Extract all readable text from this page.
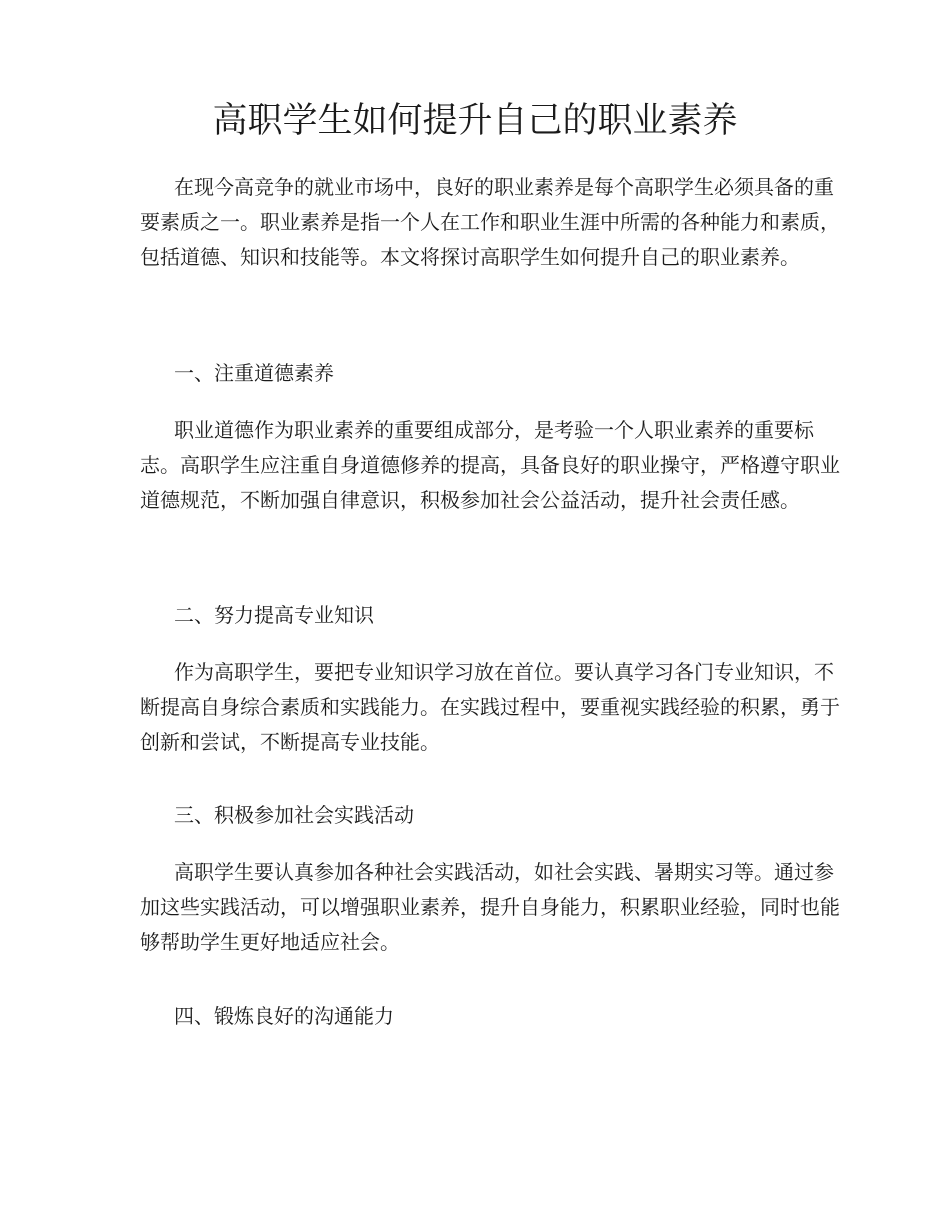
高职学生如何提升自己的职业素养

在现今高竞争的就业市场中，良好的职业素养是每个高职学生必须具备的重要素质之一。职业素养是指一个人在工作和职业生涯中所需的各种能力和素质，包括道德、知识和技能等。本文将探讨高职学生如何提升自己的职业素养。

一、注重道德素养

职业道德作为职业素养的重要组成部分，是考验一个人职业素养的重要标志。高职学生应注重自身道德修养的提高，具备良好的职业操守，严格遵守职业道德规范，不断加强自律意识，积极参加社会公益活动，提升社会责任感。

二、努力提高专业知识

作为高职学生，要把专业知识学习放在首位。要认真学习各门专业知识，不断提高自身综合素质和实践能力。在实践过程中，要重视实践经验的积累，勇于创新和尝试，不断提高专业技能。

三、积极参加社会实践活动

高职学生要认真参加各种社会实践活动，如社会实践、暑期实习等。通过参加这些实践活动，可以增强职业素养，提升自身能力，积累职业经验，同时也能够帮助学生更好地适应社会。

四、锻炼良好的沟通能力
